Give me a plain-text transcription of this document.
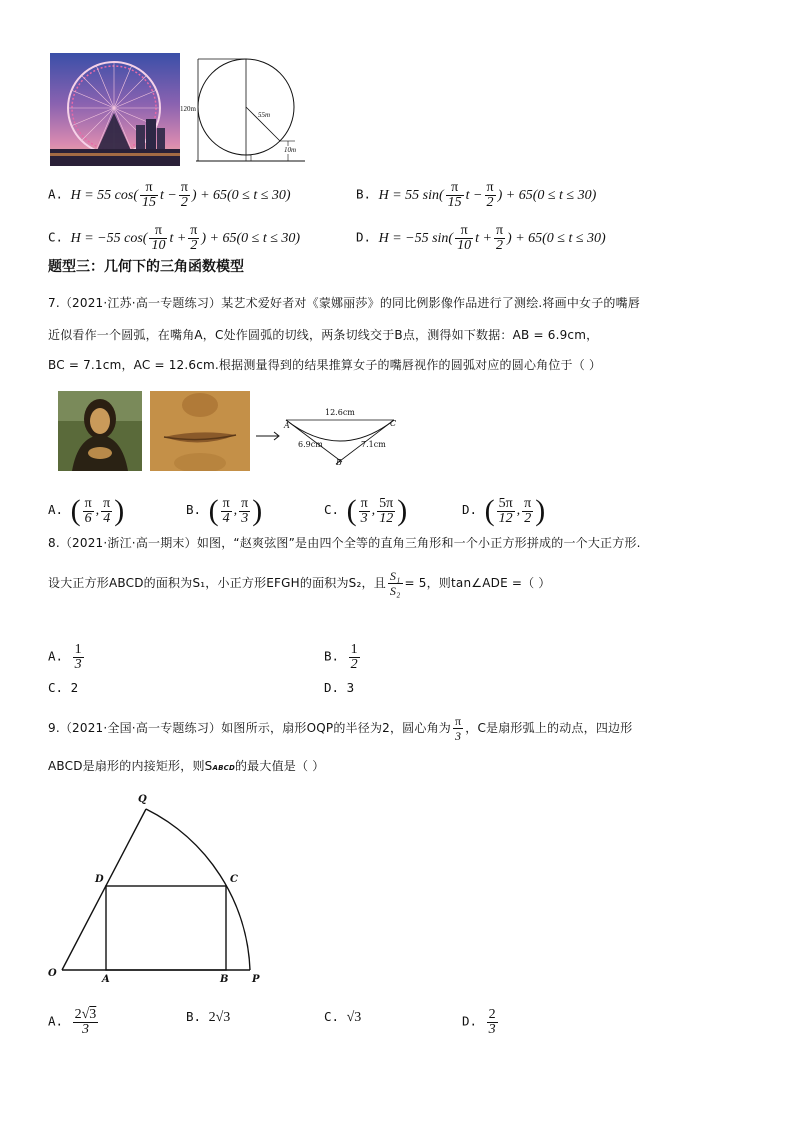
120m
55m
10m
A. H = 55 $\cos( \frac{\pi}{15}$ $t - \frac{\pi}{2}$ ) + 65(0 ≤ t ≤ 30)	B. H = 55 $\sin( \frac{\pi}{15}$ $t - \frac{\pi}{2}$ ) + 65(0 ≤ t ≤ 30)
C. H = −55 $\cos( \frac{\pi}{10}$ $t + \frac{\pi}{2}$ ) + 65(0 ≤ t ≤ 30)	D. H = −55 $\sin( \frac{\pi}{10}$ $t + \frac{\pi}{2}$ ) + 65(0 ≤ t ≤ 30)
题型三：几何下的三角函数模型
7.（2021·江苏·高一专题练习）某艺术爱好者对《蒙娜丽莎》的同比例影像作品进行了测绘.将画中女子的嘴唇
近似看作一个圆弧，在嘴角A，C处作圆弧的切线，两条切线交于B点，测得如下数据：AB = 6.9cm，
BC = 7.1cm，AC = 12.6cm.根据测量得到的结果推算女子的嘴唇视作的圆弧对应的圆心角位于（ ）
12.6cm
6.9cm	7.1cm
A	C
B
A. ( $\frac{\pi}{6}$ , $\frac{\pi}{4}$ )	B. ( $\frac{\pi}{4}$ , $\frac{\pi}{3}$ )	C. ( $\frac{\pi}{3}$ , $\frac{5\pi}{12}$ )	D. ( $\frac{5\pi}{12}$ , $\frac{\pi}{2}$ )
8.（2021·浙江·高一期末）如图，“赵爽弦图”是由四个全等的直角三角形和一个小正方形拼成的一个大正方形.
设大正方形ABCD的面积为S₁，小正方形EFGH的面积为S₂，且 $\frac{\text{S₁}}{\text{S₂}} = 5$，则tan∠ADE =（ ）
A. $\frac{1}{3}$	B. $\frac{1}{2}$
C. 2	D. 3
9.（2021·全国·高一专题练习）如图所示，扇形OQP的半径为2，圆心角为 $\frac{\pi}{3}$ ，C是扇形弧上的动点，四边形
ABCD是扇形的内接矩形，则SABCD的最大值是（ ）
Q
D	C
O
A	B P
A. $\frac{2√3}{3}$	B. 2√3	C. √3	D. $\frac{2}{3}$
